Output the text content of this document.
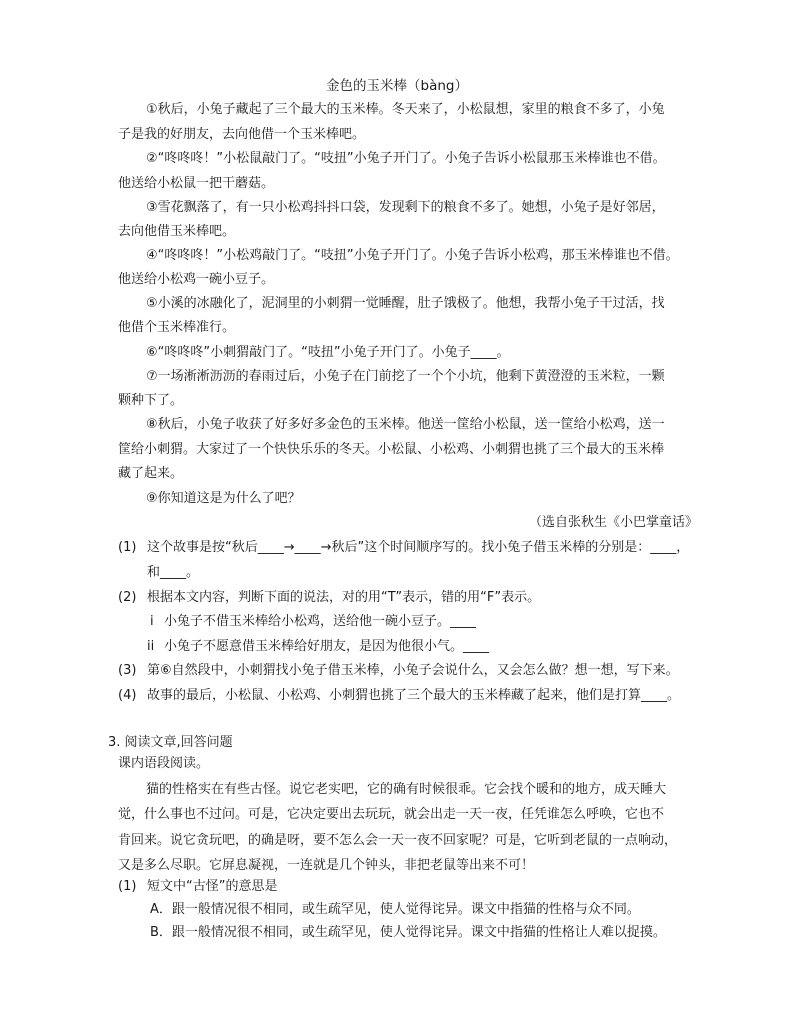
金色的玉米棒（bàng）
①秋后，小兔子藏起了三个最大的玉米棒。冬天来了，小松鼠想，家里的粮食不多了，小兔
子是我的好朋友，去向他借一个玉米棒吧。
②“咚咚咚！”小松鼠敲门了。“吱扭”小兔子开门了。小兔子告诉小松鼠那玉米棒谁也不借。
他送给小松鼠一把干蘑菇。
③雪花飘落了，有一只小松鸡抖抖口袋，发现剩下的粮食不多了。她想，小兔子是好邻居，
去向他借玉米棒吧。
④“咚咚咚！”小松鸡敲门了。“吱扭”小兔子开门了。小兔子告诉小松鸡，那玉米棒谁也不借。
他送给小松鸡一碗小豆子。
⑤小溪的冰融化了，泥洞里的小刺猬一觉睡醒，肚子饿极了。他想，我帮小兔子干过活，找
他借个玉米棒准行。
⑥“咚咚咚”小刺猬敲门了。“吱扭”小兔子开门了。小兔子____。
⑦一场淅淅沥沥的春雨过后，小兔子在门前挖了一个个小坑，他剩下黄澄澄的玉米粒，一颗
颗种下了。
⑧秋后，小兔子收获了好多好多金色的玉米棒。他送一筐给小松鼠，送一筐给小松鸡，送一
筐给小刺猬。大家过了一个快快乐乐的冬天。小松鼠、小松鸡、小刺猬也挑了三个最大的玉米棒
藏了起来。
⑨你知道这是为什么了吧？
（选自张秋生《小巴掌童话》
(1) 这个故事是按“秋后____→____→秋后”这个时间顺序写的。找小兔子借玉米棒的分别是：____，
和____。
(2) 根据本文内容，判断下面的说法，对的用“T”表示，错的用“F”表示。
i 小兔子不借玉米棒给小松鸡，送给他一碗小豆子。____
ii 小兔子不愿意借玉米棒给好朋友，是因为他很小气。____
(3) 第⑥自然段中，小刺猬找小兔子借玉米棒，小兔子会说什么，又会怎么做？想一想，写下来。
(4) 故事的最后，小松鼠、小松鸡、小刺猬也挑了三个最大的玉米棒藏了起来，他们是打算____。
3. 阅读文章,回答问题
课内语段阅读。
猫的性格实在有些古怪。说它老实吧，它的确有时候很乖。它会找个暖和的地方，成天睡大
觉，什么事也不过问。可是，它决定要出去玩玩，就会出走一天一夜，任凭谁怎么呼唤，它也不
肯回来。说它贪玩吧，的确是呀，要不怎么会一天一夜不回家呢？可是，它听到老鼠的一点响动，
又是多么尽职。它屏息凝视，一连就是几个钟头，非把老鼠等出来不可！
(1) 短文中“古怪”的意思是
A．跟一般情况很不相同，或生疏罕见，使人觉得诧异。课文中指猫的性格与众不同。
B．跟一般情况很不相同，或生疏罕见，使人觉得诧异。课文中指猫的性格让人难以捉摸。
